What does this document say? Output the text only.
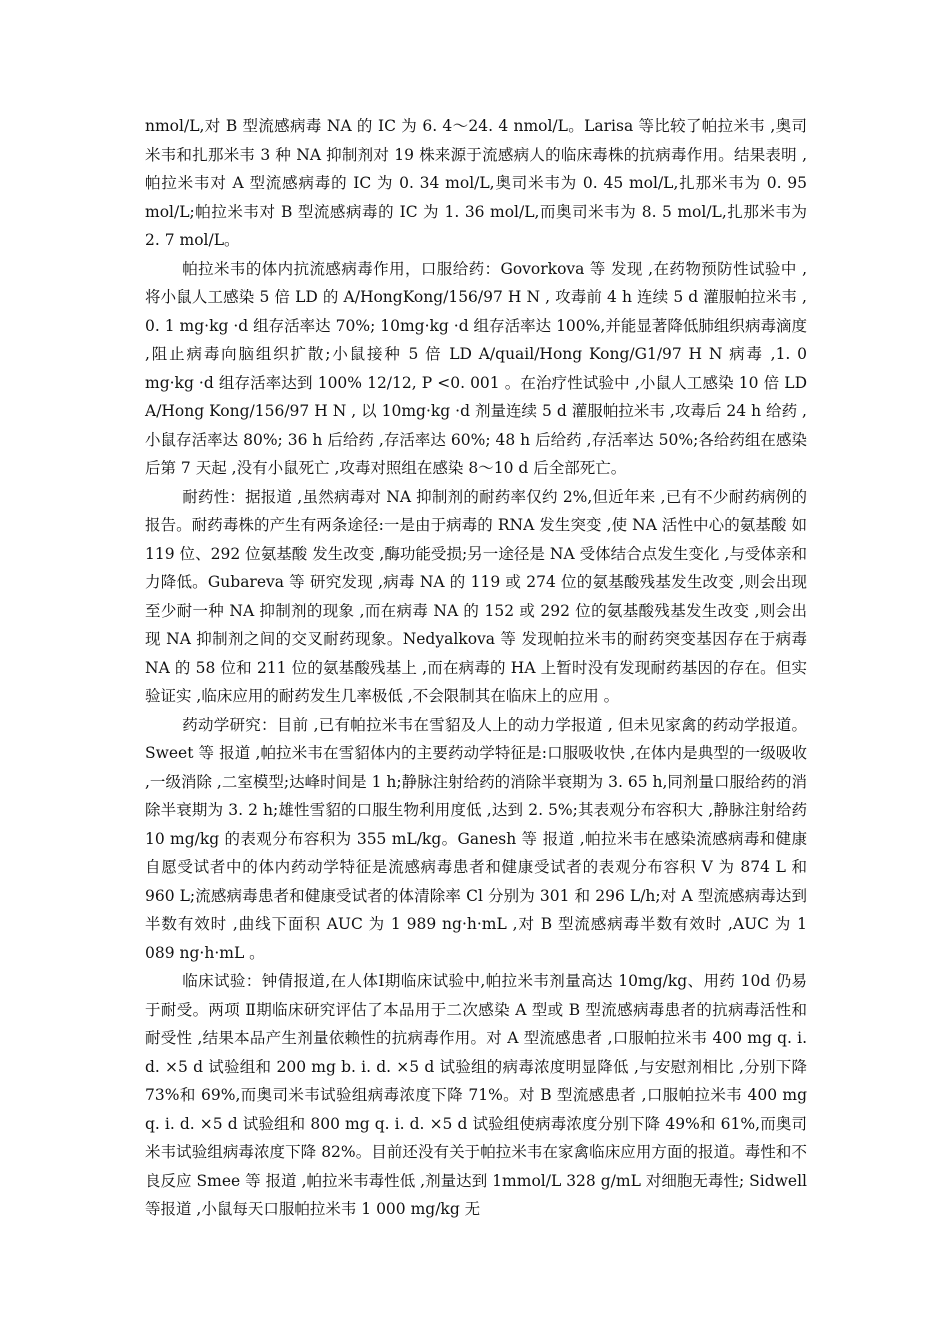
nmol/L,对 B 型流感病毒 NA 的 IC 为 6. 4～24. 4 nmol/L。Larisa 等比较了帕拉米韦 ,奥司米韦和扎那米韦 3 种 NA 抑制剂对 19 株来源于流感病人的临床毒株的抗病毒作用。结果表明 ,帕拉米韦对 A 型流感病毒的 IC 为 0. 34 mol/L,奥司米韦为 0. 45 mol/L,扎那米韦为 0. 95 mol/L;帕拉米韦对 B 型流感病毒的 IC 为 1. 36 mol/L,而奥司米韦为 8. 5 mol/L,扎那米韦为 2. 7 mol/L。

帕拉米韦的体内抗流感病毒作用，口服给药：Govorkova 等 发现 ,在药物预防性试验中 ,将小鼠人工感染 5 倍 LD 的 A/HongKong/156/97 H N , 攻毒前 4 h 连续 5 d 灌服帕拉米韦 , 0. 1 mg·kg ·d 组存活率达 70%; 10mg·kg ·d 组存活率达 100%,并能显著降低肺组织病毒滴度 ,阻止病毒向脑组织扩散;小鼠接种 5 倍 LD A/quail/Hong Kong/G1/97 H N 病毒 ,1. 0 mg·kg ·d 组存活率达到 100% 12/12, P <0. 001 。在治疗性试验中 ,小鼠人工感染 10 倍 LD A/Hong Kong/156/97 H N , 以 10mg·kg ·d 剂量连续 5 d 灌服帕拉米韦 ,攻毒后 24 h 给药 ,小鼠存活率达 80%; 36 h 后给药 ,存活率达 60%; 48 h 后给药 ,存活率达 50%;各给药组在感染后第 7 天起 ,没有小鼠死亡 ,攻毒对照组在感染 8～10 d 后全部死亡。

耐药性：据报道 ,虽然病毒对 NA 抑制剂的耐药率仅约 2%,但近年来 ,已有不少耐药病例的报告。耐药毒株的产生有两条途径:一是由于病毒的 RNA 发生突变 ,使 NA 活性中心的氨基酸 如 119 位、292 位氨基酸 发生改变 ,酶功能受损;另一途径是 NA 受体结合点发生变化 ,与受体亲和力降低。Gubareva 等 研究发现 ,病毒 NA 的 119 或 274 位的氨基酸残基发生改变 ,则会出现至少耐一种 NA 抑制剂的现象 ,而在病毒 NA 的 152 或 292 位的氨基酸残基发生改变 ,则会出现 NA 抑制剂之间的交叉耐药现象。Nedyalkova 等 发现帕拉米韦的耐药突变基因存在于病毒 NA 的 58 位和 211 位的氨基酸残基上 ,而在病毒的 HA 上暂时没有发现耐药基因的存在。但实验证实 ,临床应用的耐药发生几率极低 ,不会限制其在临床上的应用 。

药动学研究：目前 ,已有帕拉米韦在雪貂及人上的动力学报道 , 但未见家禽的药动学报道。Sweet 等 报道 ,帕拉米韦在雪貂体内的主要药动学特征是:口服吸收快 ,在体内是典型的一级吸收 ,一级消除 ,二室模型;达峰时间是 1 h;静脉注射给药的消除半衰期为 3. 65 h,同剂量口服给药的消除半衰期为 3. 2 h;雄性雪貂的口服生物利用度低 ,达到 2. 5%;其表观分布容积大 ,静脉注射给药 10 mg/kg 的表观分布容积为 355 mL/kg。Ganesh 等 报道 ,帕拉米韦在感染流感病毒和健康自愿受试者中的体内药动学特征是流感病毒患者和健康受试者的表观分布容积 V 为 874 L 和 960 L;流感病毒患者和健康受试者的体清除率 Cl 分别为 301 和 296 L/h;对 A 型流感病毒达到半数有效时 ,曲线下面积 AUC 为 1 989 ng·h·mL ,对 B 型流感病毒半数有效时 ,AUC 为 1 089 ng·h·mL 。

临床试验：钟倩报道,在人体Ⅰ期临床试验中,帕拉米韦剂量高达 10mg/kg、用药 10d 仍易于耐受。两项 Ⅱ期临床研究评估了本品用于二次感染 A 型或 B 型流感病毒患者的抗病毒活性和耐受性 ,结果本品产生剂量依赖性的抗病毒作用。对 A 型流感患者 ,口服帕拉米韦 400 mg q. i. d. ×5 d 试验组和 200 mg b. i. d. ×5 d 试验组的病毒浓度明显降低 ,与安慰剂相比 ,分别下降 73%和 69%,而奥司米韦试验组病毒浓度下降 71%。对 B 型流感患者 ,口服帕拉米韦 400 mg q. i. d. ×5 d 试验组和 800 mg q. i. d. ×5 d 试验组使病毒浓度分别下降 49%和 61%,而奥司米韦试验组病毒浓度下降 82%。目前还没有关于帕拉米韦在家禽临床应用方面的报道。毒性和不良反应 Smee 等 报道 ,帕拉米韦毒性低 ,剂量达到 1mmol/L 328 g/mL 对细胞无毒性; Sidwell 等报道 ,小鼠每天口服帕拉米韦 1 000 mg/kg 无
